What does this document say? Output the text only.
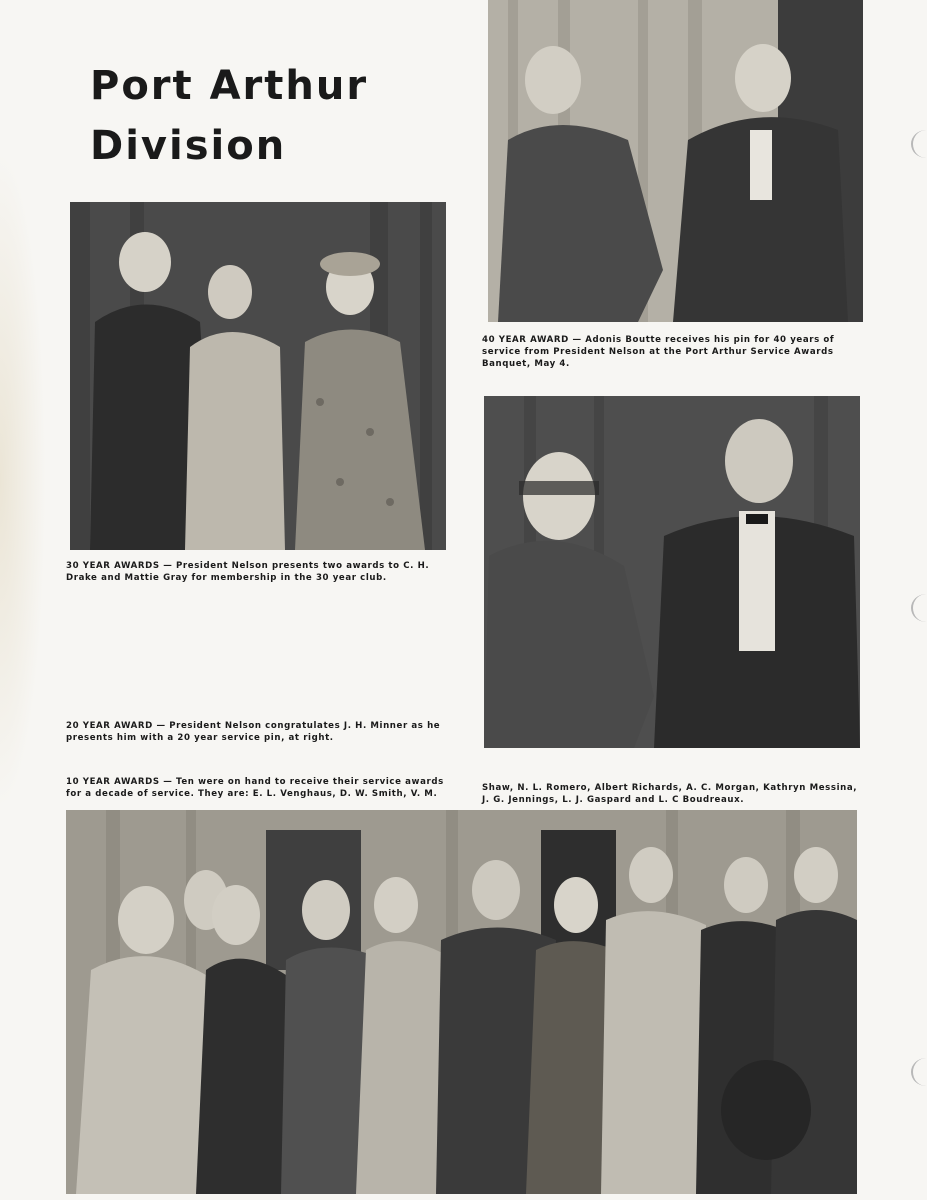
Port Arthur
Division

30 YEAR AWARDS — President Nelson presents two awards to C. H. Drake and Mattie Gray for membership in the 30 year club.

40 YEAR AWARD — Adonis Boutte receives his pin for 40 years of service from President Nelson at the Port Arthur Service Awards Banquet, May 4.

20 YEAR AWARD — President Nelson congratulates J. H. Minner as he presents him with a 20 year service pin, at right.

10 YEAR AWARDS — Ten were on hand to receive their service awards for a decade of service. They are: E. L. Venghaus, D. W. Smith, V. M.

Shaw, N. L. Romero, Albert Richards, A. C. Morgan, Kathryn Messina, J. G. Jennings, L. J. Gaspard and L. C Boudreaux.
